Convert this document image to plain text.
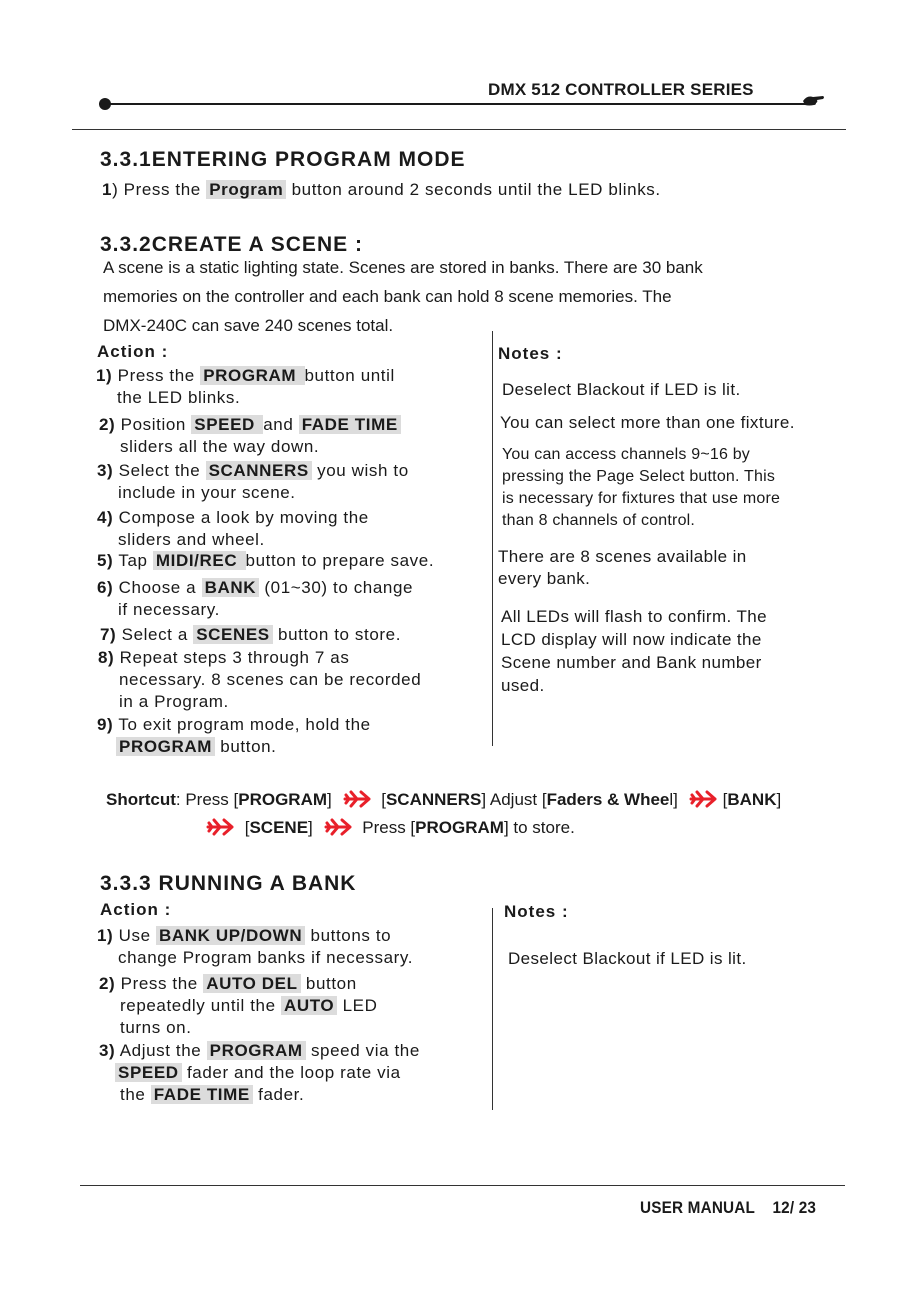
DMX 512 CONTROLLER SERIES
3.3.1ENTERING PROGRAM MODE
1) Press the Program button around 2 seconds until the LED blinks.
3.3.2CREATE A SCENE :
A scene is a static lighting state. Scenes are stored in banks. There are 30 bank
memories on the controller and each bank can hold 8 scene memories. The
DMX-240C can save 240 scenes total.
Action :	Notes :
1) Press the PROGRAM button until
the LED blinks.
2) Position SPEED and FADE TIME
sliders all the way down.
3) Select the SCANNERS you wish to
include in your scene.
4) Compose a look by moving the
sliders and wheel.
5) Tap MIDI/REC button to prepare save.
6) Choose a BANK (01~30) to change
if necessary.
7) Select a SCENES button to store.
8) Repeat steps 3 through 7 as
necessary. 8 scenes can be recorded
in a Program.
9) To exit program mode, hold the
PROGRAM button.
Deselect Blackout if LED is lit.
You can select more than one fixture.
You can access channels 9~16 by
pressing the Page Select button. This
is necessary for fixtures that use more
than 8 channels of control.
There are 8 scenes available in
every bank.
All LEDs will flash to confirm. The
LCD display will now indicate the
Scene number and Bank number
used.
Shortcut: Press [PROGRAM]	[SCANNERS] Adjust [Faders & Wheel]	[BANK]
[SCENE]	Press [PROGRAM] to store.
3.3.3 RUNNING A BANK
Action :	Notes :
1) Use BANK UP/DOWN buttons to
change Program banks if necessary.
2) Press the AUTO DEL button
repeatedly until the AUTO LED
turns on.
3) Adjust the PROGRAM speed via the
SPEED fader and the loop rate via
the FADE TIME fader.
Deselect Blackout if LED is lit.
USER MANUAL    12/ 23
